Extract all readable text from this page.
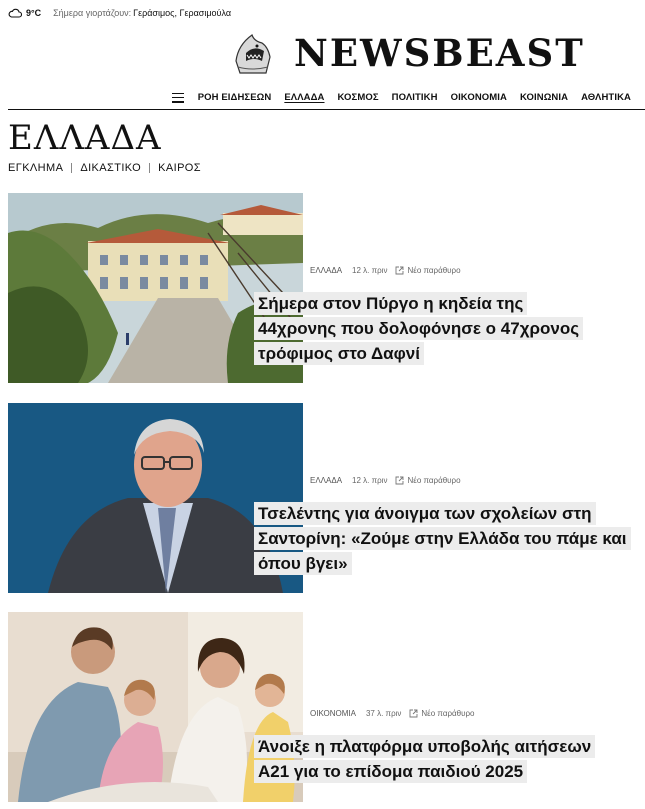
9°C Σήμερα γιορτάζουν: Γεράσιμος, Γερασιμούλα
NEWSBEAST
ΡΟΗ ΕΙΔΗΣΕΩΝ ΕΛΛΑΔΑ ΚΟΣΜΟΣ ΠΟΛΙΤΙΚΗ ΟΙΚΟΝΟΜΙΑ ΚΟΙΝΩΝΙΑ ΑΘΛΗΤΙΚΑ
ΕΛΛΑΔΑ
ΕΓΚΛΗΜΑ ΔΙΚΑΣΤΙΚΟ ΚΑΙΡΟΣ
ΕΛΛΑΔΑ 12 λ. πριν	Νέο παράθυρο
Σήμερα στον Πύργο η κηδεία της 44χρονης που δολοφόνησε ο 47χρονος τρόφιμος στο Δαφνί
ΕΛΛΑΔΑ 12 λ. πριν	Νέο παράθυρο
Τσελέντης για άνοιγμα των σχολείων στη Σαντορίνη: «Ζούμε στην Ελλάδα του πάμε και όπου βγει»
ΟΙΚΟΝΟΜΙΑ 37 λ. πριν	Νέο παράθυρο
Άνοιξε η πλατφόρμα υποβολής αιτήσεων Α21 για το επίδομα παιδιού 2025
